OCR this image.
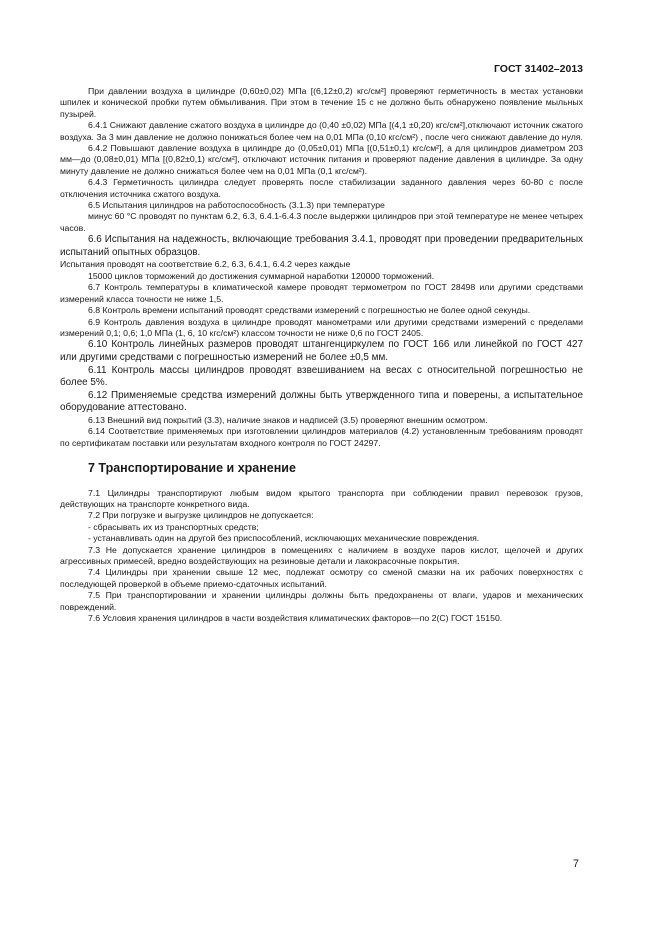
ГОСТ 31402–2013

При давлении воздуха в цилиндре (0,60±0,02) МПа [(6,12±0,2) кгс/см²] проверяют герметичность в местах установки шпилек и конической пробки путем обмыливания. При этом в течение 15 с не должно быть обнаружено появление мыльных пузырей.

6.4.1 Снижают давление сжатого воздуха в цилиндре до (0,40 ±0,02) МПа [(4,1 ±0,20) кгс/см²],отключают источник сжатого воздуха. За 3 мин давление не должно понижаться более чем на 0,01 МПа (0,10 кгс/см²) , после чего снижают давление до нуля.

6.4.2 Повышают давление воздуха в цилиндре до (0,05±0,01) МПа [(0,51±0,1) кгс/см²], а для цилиндров диаметром 203 мм—до (0,08±0,01) МПа [(0,82±0,1) кгс/см²], отключают источник питания и проверяют падение давления в цилиндре. За одну минуту давление не должно снижаться более чем на 0,01 МПа (0,1 кгс/см²).

6.4.3 Герметичность цилиндра следует проверять после стабилизации заданного давления через 60-80 с после отключения источника сжатого воздуха.

6.5 Испытания цилиндров на работоспособность (3.1.3) при температуре

минус 60 °С проводят по пунктам 6.2, 6.3, 6.4.1-6.4.3 после выдержки цилиндров при этой температуре не менее четырех часов.

6.6 Испытания на надежность, включающие требования 3.4.1, проводят при проведении предварительных испытаний опытных образцов.

Испытания проводят на соответствие 6.2, 6.3, 6.4.1, 6.4.2 через каждые

15000 циклов торможений до достижения суммарной наработки 120000 торможений.

6.7 Контроль температуры в климатической камере проводят термометром по ГОСТ 28498 или другими средствами измерений класса точности не ниже 1,5.

6.8 Контроль времени испытаний проводят средствами измерений с погрешностью не более одной секунды.

6.9 Контроль давления воздуха в цилиндре проводят манометрами или другими средствами измерений с пределами измерений 0,1; 0,6; 1,0 МПа (1, 6, 10 кгс/см²) классом точности не ниже 0,6 по ГОСТ 2405.

6.10 Контроль линейных размеров проводят штангенциркулем по ГОСТ 166 или линейкой по ГОСТ 427 или другими средствами с погрешностью измерений не более ±0,5 мм.

6.11 Контроль массы цилиндров проводят взвешиванием на весах с относительной погрешностью не более 5%.

6.12 Применяемые средства измерений должны быть утвержденного типа и поверены, а испытательное оборудование аттестовано.

6.13 Внешний вид покрытий (3.3), наличие знаков и надписей (3.5) проверяют внешним осмотром.

6.14 Соответствие применяемых при изготовлении цилиндров материалов (4.2) установленным требованиям проводят по сертификатам поставки или результатам входного контроля по ГОСТ 24297.

7 Транспортирование и хранение

7.1 Цилиндры транспортируют любым видом крытого транспорта при соблюдении правил перевозок грузов, действующих на транспорте конкретного вида.

7.2 При погрузке и выгрузке цилиндров не допускается:

- сбрасывать их из транспортных средств;

- устанавливать один на другой без приспособлений, исключающих механические повреждения.

7.3 Не допускается хранение цилиндров в помещениях с наличием в воздухе паров кислот, щелочей и других агрессивных примесей, вредно воздействующих на резиновые детали и лакокрасочные покрытия.

7.4 Цилиндры при хранении свыше 12 мес, подлежат осмотру со сменой смазки на их рабочих поверхностях с последующей проверкой в объеме приемо-сдаточных испытаний.

7.5 При транспортировании и хранении цилиндры должны быть предохранены от влаги, ударов и механических повреждений.

7.6 Условия хранения цилиндров в части воздействия климатических факторов—по 2(С) ГОСТ 15150.

7
